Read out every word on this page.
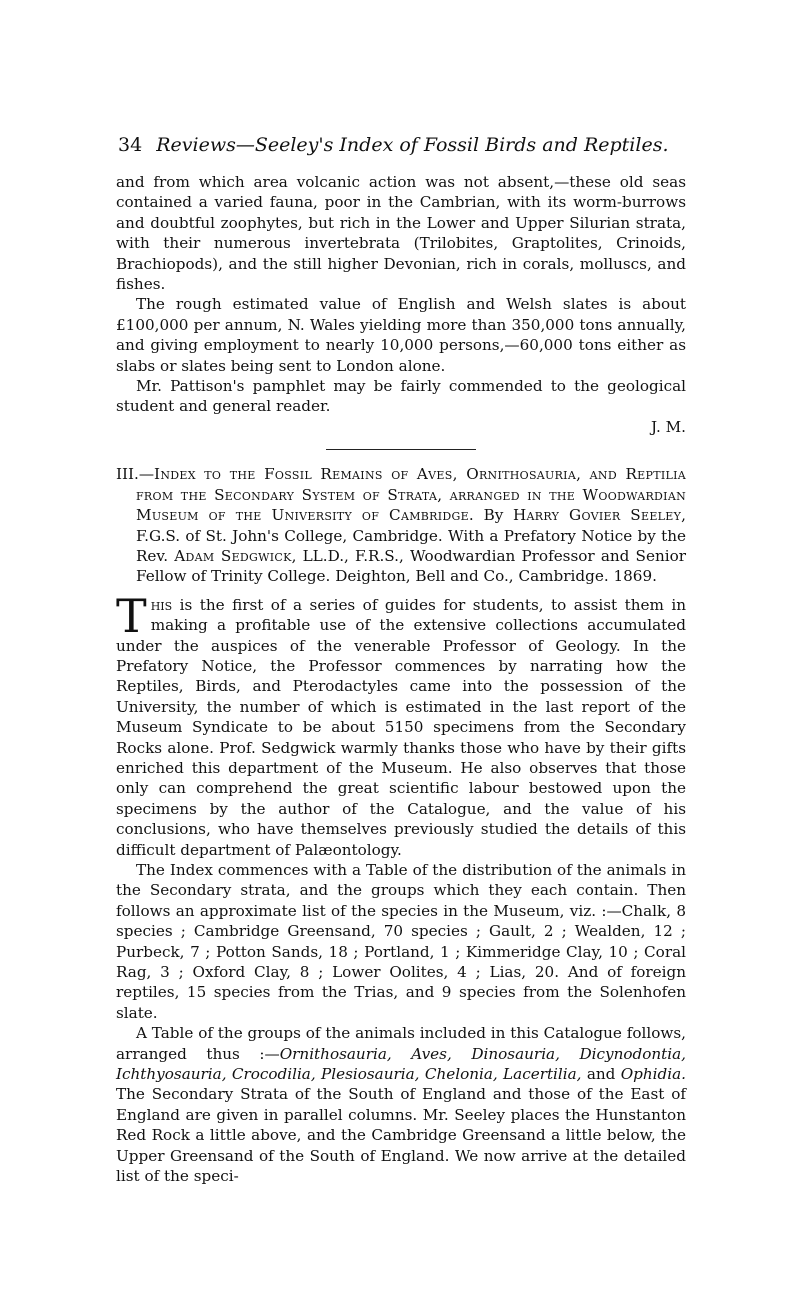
34 Reviews—Seeley's Index of Fossil Birds and Reptiles.

and from which area volcanic action was not absent,—these old seas contained a varied fauna, poor in the Cambrian, with its worm-burrows and doubtful zoophytes, but rich in the Lower and Upper Silurian strata, with their numerous invertebrata (Trilobites, Graptolites, Crinoids, Brachiopods), and the still higher Devonian, rich in corals, molluscs, and fishes.

The rough estimated value of English and Welsh slates is about £100,000 per annum, N. Wales yielding more than 350,000 tons annually, and giving employment to nearly 10,000 persons,—60,000 tons either as slabs or slates being sent to London alone.

Mr. Pattison's pamphlet may be fairly commended to the geological student and general reader.

J. M.

III.—Index to the Fossil Remains of Aves, Ornithosauria, and Reptilia from the Secondary System of Strata, arranged in the Woodwardian Museum of the University of Cambridge. By Harry Govier Seeley, F.G.S. of St. John's College, Cambridge. With a Prefatory Notice by the Rev. Adam Sedgwick, LL.D., F.R.S., Woodwardian Professor and Senior Fellow of Trinity College. Deighton, Bell and Co., Cambridge. 1869.

This is the first of a series of guides for students, to assist them in making a profitable use of the extensive collections accumulated under the auspices of the venerable Professor of Geology. In the Prefatory Notice, the Professor commences by narrating how the Reptiles, Birds, and Pterodactyles came into the possession of the University, the number of which is estimated in the last report of the Museum Syndicate to be about 5150 specimens from the Secondary Rocks alone. Prof. Sedgwick warmly thanks those who have by their gifts enriched this department of the Museum. He also observes that those only can comprehend the great scientific labour bestowed upon the specimens by the author of the Catalogue, and the value of his conclusions, who have themselves previously studied the details of this difficult department of Palæontology.

The Index commences with a Table of the distribution of the animals in the Secondary strata, and the groups which they each contain. Then follows an approximate list of the species in the Museum, viz. :—Chalk, 8 species ; Cambridge Greensand, 70 species ; Gault, 2 ; Wealden, 12 ; Purbeck, 7 ; Potton Sands, 18 ; Portland, 1 ; Kimmeridge Clay, 10 ; Coral Rag, 3 ; Oxford Clay, 8 ; Lower Oolites, 4 ; Lias, 20. And of foreign reptiles, 15 species from the Trias, and 9 species from the Solenhofen slate.

A Table of the groups of the animals included in this Catalogue follows, arranged thus :—Ornithosauria, Aves, Dinosauria, Dicynodontia, Ichthyosauria, Crocodilia, Plesiosauria, Chelonia, Lacertilia, and Ophidia. The Secondary Strata of the South of England and those of the East of England are given in parallel columns. Mr. Seeley places the Hunstanton Red Rock a little above, and the Cambridge Greensand a little below, the Upper Greensand of the South of England. We now arrive at the detailed list of the speci-
